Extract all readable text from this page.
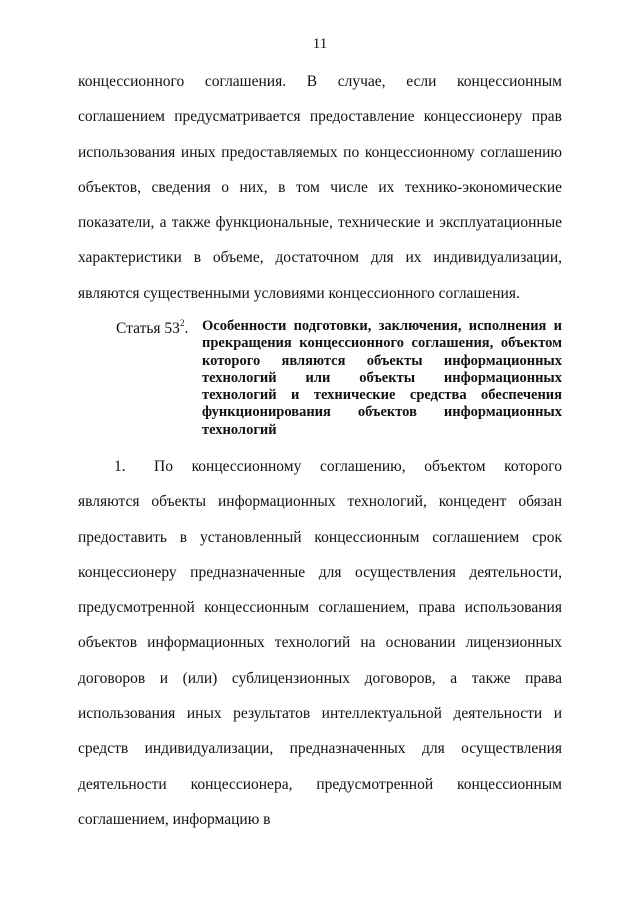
11

концессионного соглашения. В случае, если концессионным соглашением предусматривается предоставление концессионеру прав использования иных предоставляемых по концессионному соглашению объектов, сведения о них, в том числе их технико-экономические показатели, а также функциональные, технические и эксплуатационные характеристики в объеме, достаточном для их индивидуализации, являются существенными условиями концессионного соглашения.

Статья $53^2$. Особенности подготовки, заключения, исполнения и прекращения концессионного соглашения, объектом которого являются объекты информационных технологий или объекты информационных технологий и технические средства обеспечения функционирования объектов информационных технологий

1. По концессионному соглашению, объектом которого являются объекты информационных технологий, концедент обязан предоставить в установленный концессионным соглашением срок концессионеру предназначенные для осуществления деятельности, предусмотренной концессионным соглашением, права использования объектов информационных технологий на основании лицензионных договоров и (или) сублицензионных договоров, а также права использования иных результатов интеллектуальной деятельности и средств индивидуализации, предназначенных для осуществления деятельности концессионера, предусмотренной концессионным соглашением, информацию в
